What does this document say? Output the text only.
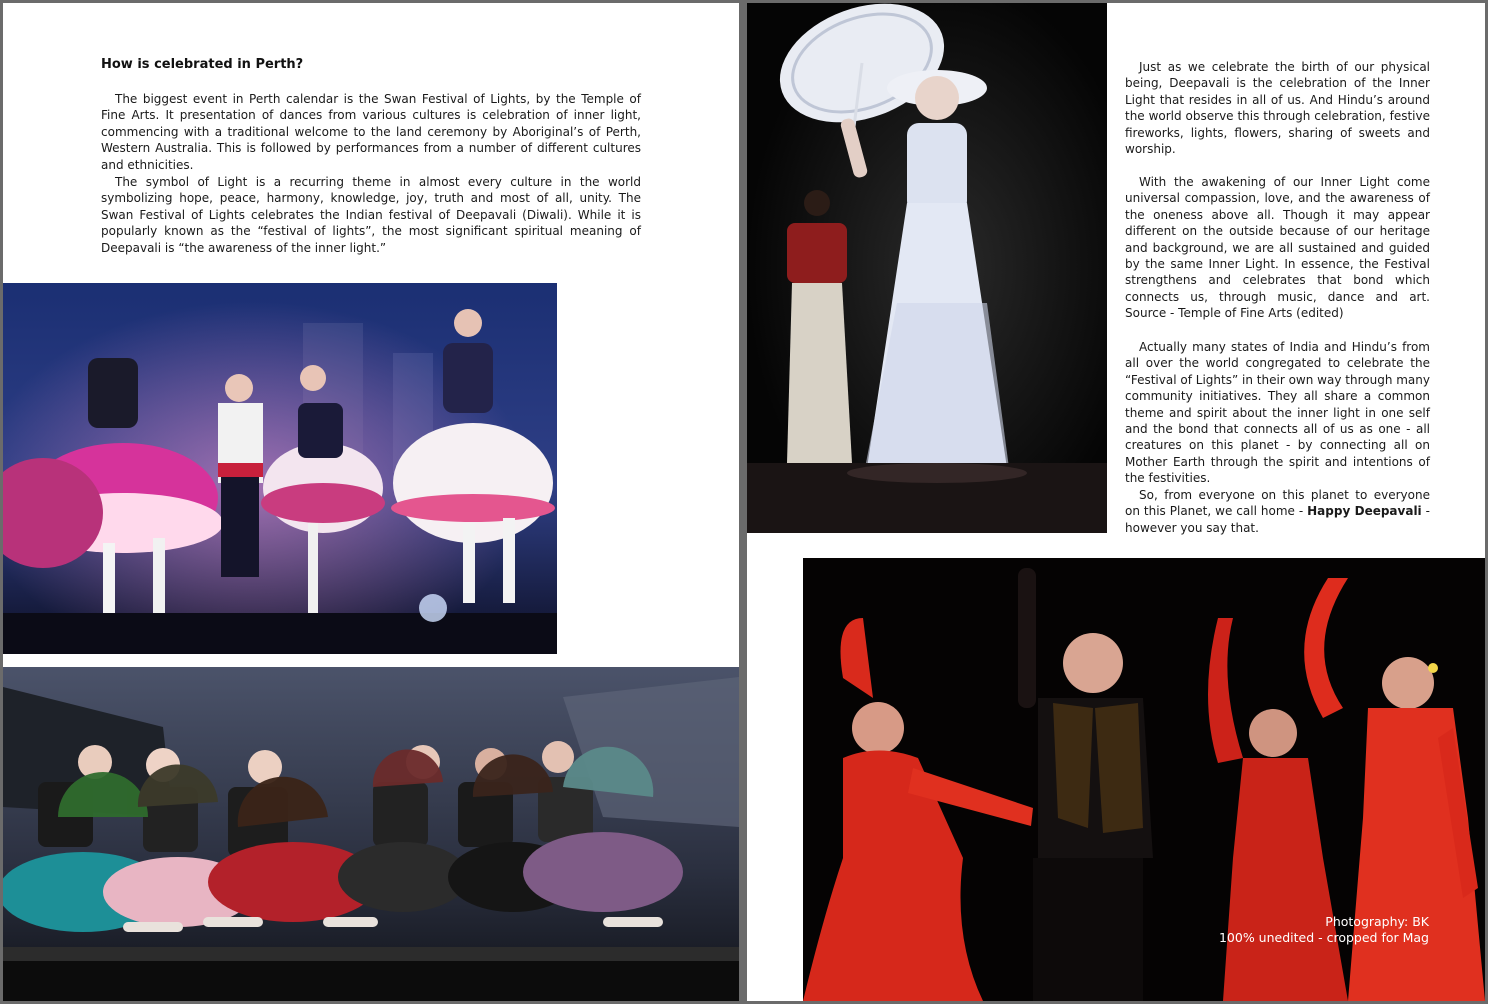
How is celebrated in Perth?

The biggest event in Perth calendar is the Swan Festival of Lights, by the Temple of Fine Arts. It presentation of dances from various cultures is celebration of inner light, commencing with a traditional welcome to the land ceremony by Aboriginal’s of Perth, Western Australia. This is followed by performances from a number of different cultures and ethnicities.

The symbol of Light is a recurring theme in almost every culture in the world symbolizing hope, peace, harmony, knowledge, joy, truth and most of all, unity. The Swan Festival of Lights celebrates the Indian festival of Deepavali (Diwali). While it is popularly known as the “festival of lights”, the most significant spiritual meaning of Deepavali is “the awareness of the inner light.”

Just as we celebrate the birth of our physical being, Deepavali is the celebration of the Inner Light that resides in all of us. And Hindu’s around the world observe this through celebration, festive fireworks, lights, flowers, sharing of sweets and worship.

With the awakening of our Inner Light come universal compassion, love, and the awareness of the oneness above all. Though it may appear different on the outside because of our heritage and background, we are all sustained and guided by the same Inner Light. In essence, the Festival strengthens and celebrates that bond which connects us, through music, dance and art. Source - Temple of Fine Arts (edited)

Actually many states of India and Hindu’s from all over the world congregated to celebrate the “Festival of Lights” in their own way through many community initiatives. They all share a common theme and spirit about the inner light in one self and the bond that connects all of us as one - all creatures on this planet - by connecting all on Mother Earth through the spirit and intentions of the festivities.

So, from everyone on this planet to everyone on this Planet, we call home - Happy Deepavali - however you say that.

Photography: BK
100% unedited - cropped for Mag
